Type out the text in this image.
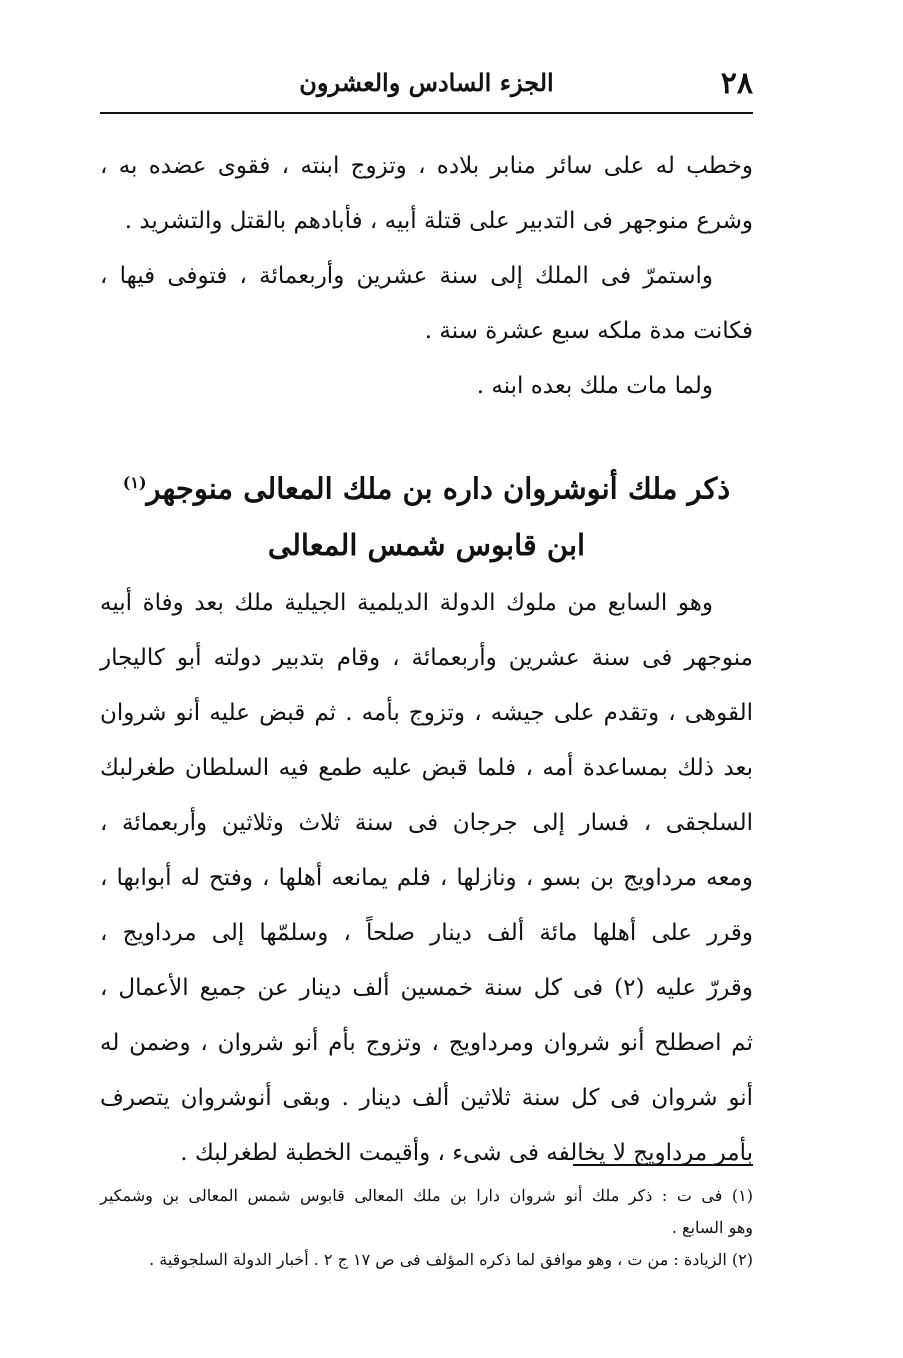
٢٨
الجزء السادس والعشرون
وخطب له على سائر منابر بلاده ، وتزوج ابنته ، فقوى عضده به ،
وشرع منوجهر فى التدبير على قتلة أبيه ، فأبادهم بالقتل والتشريد .
واستمرّ فى الملك إلى سنة عشرين وأربعمائة ، فتوفى فيها ،
فكانت مدة ملكه سبع عشرة سنة .
ولما مات ملك بعده ابنه .
ذكر ملك أنوشروان داره بن ملك المعالى منوجهر$^{(١)}$
ابن قابوس شمس المعالى
وهو السابع من ملوك الدولة الديلمية الجيلية ملك بعد وفاة أبيه
منوجهر فى سنة عشرين وأربعمائة ، وقام بتدبير دولته أبو كاليجار
القوهى ، وتقدم على جيشه ، وتزوج بأمه . ثم قبض عليه أنو شروان
بعد ذلك بمساعدة أمه ، فلما قبض عليه طمع فيه السلطان طغرلبك
السلجقى ، فسار إلى جرجان فى سنة ثلاث وثلاثين وأربعمائة ،
ومعه مرداويج بن بسو ، ونازلها ، فلم يمانعه أهلها ، وفتح له أبوابها ،
وقرر على أهلها مائة ألف دينار صلحاً ، وسلمّها إلى مرداويج ،
وقررّ عليه (٢) فى كل سنة خمسين ألف دينار عن جميع الأعمال ،
ثم اصطلح أنو شروان ومرداويج ، وتزوج بأم أنو شروان ، وضمن له
أنو شروان فى كل سنة ثلاثين ألف دينار . وبقى أنوشروان يتصرف
بأمر مرداويج لا يخالفه فى شىء ، وأقيمت الخطبة لطغرلبك .
(١) فى ت : ذكر ملك أنو شروان دارا بن ملك المعالى قابوس شمس المعالى بن وشمكير
وهو السابع .
(٢) الزيادة : من ت ، وهو موافق لما ذكره المؤلف فى ص ١٧ ج ٢ . أخبار الدولة السلجوقية .
